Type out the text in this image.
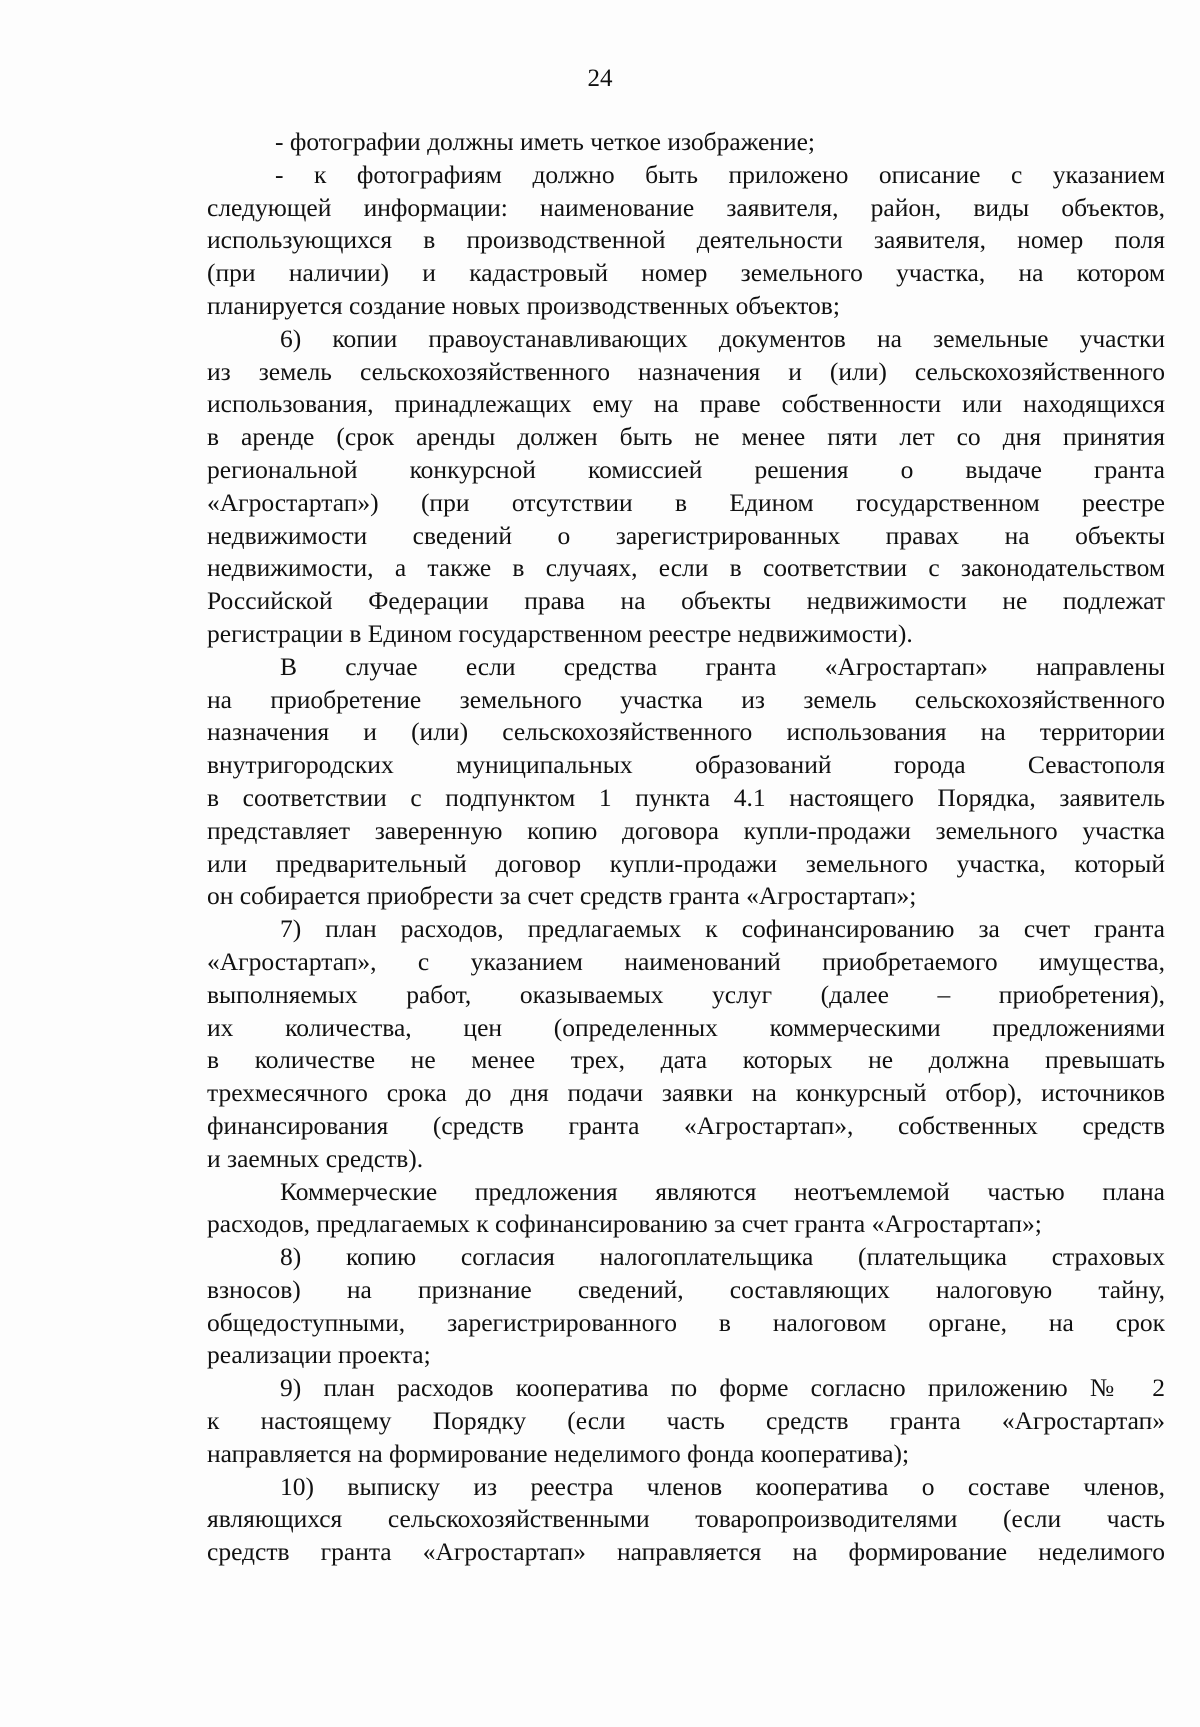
24
- фотографии должны иметь четкое изображение;
- к фотографиям должно быть приложено описание с указанием
следующей информации: наименование заявителя, район, виды объектов,
использующихся в производственной деятельности заявителя, номер поля
(при наличии) и кадастровый номер земельного участка, на котором
планируется создание новых производственных объектов;
6) копии правоустанавливающих документов на земельные участки
из земель сельскохозяйственного назначения и (или) сельскохозяйственного
использования, принадлежащих ему на праве собственности или находящихся
в аренде (срок аренды должен быть не менее пяти лет со дня принятия
региональной конкурсной комиссией решения о выдаче гранта
«Агростартап») (при отсутствии в Едином государственном реестре
недвижимости сведений о зарегистрированных правах на объекты
недвижимости, а также в случаях, если в соответствии с законодательством
Российской Федерации права на объекты недвижимости не подлежат
регистрации в Едином государственном реестре недвижимости).
В случае если средства гранта «Агростартап» направлены
на приобретение земельного участка из земель сельскохозяйственного
назначения и (или) сельскохозяйственного использования на территории
внутригородских муниципальных образований города Севастополя
в соответствии с подпунктом 1 пункта 4.1 настоящего Порядка, заявитель
представляет заверенную копию договора купли-продажи земельного участка
или предварительный договор купли-продажи земельного участка, который
он собирается приобрести за счет средств гранта «Агростартап»;
7) план расходов, предлагаемых к софинансированию за счет гранта
«Агростартап», с указанием наименований приобретаемого имущества,
выполняемых работ, оказываемых услуг (далее – приобретения),
их количества, цен (определенных коммерческими предложениями
в количестве не менее трех, дата которых не должна превышать
трехмесячного срока до дня подачи заявки на конкурсный отбор), источников
финансирования (средств гранта «Агростартап», собственных средств
и заемных средств).
Коммерческие предложения являются неотъемлемой частью плана
расходов, предлагаемых к софинансированию за счет гранта «Агростартап»;
8) копию согласия налогоплательщика (плательщика страховых
взносов) на признание сведений, составляющих налоговую тайну,
общедоступными, зарегистрированного в налоговом органе, на срок
реализации проекта;
9) план расходов кооператива по форме согласно приложению № 2
к настоящему Порядку (если часть средств гранта «Агростартап»
направляется на формирование неделимого фонда кооператива);
10) выписку из реестра членов кооператива о составе членов,
являющихся сельскохозяйственными товаропроизводителями (если часть
средств гранта «Агростартап» направляется на формирование неделимого
